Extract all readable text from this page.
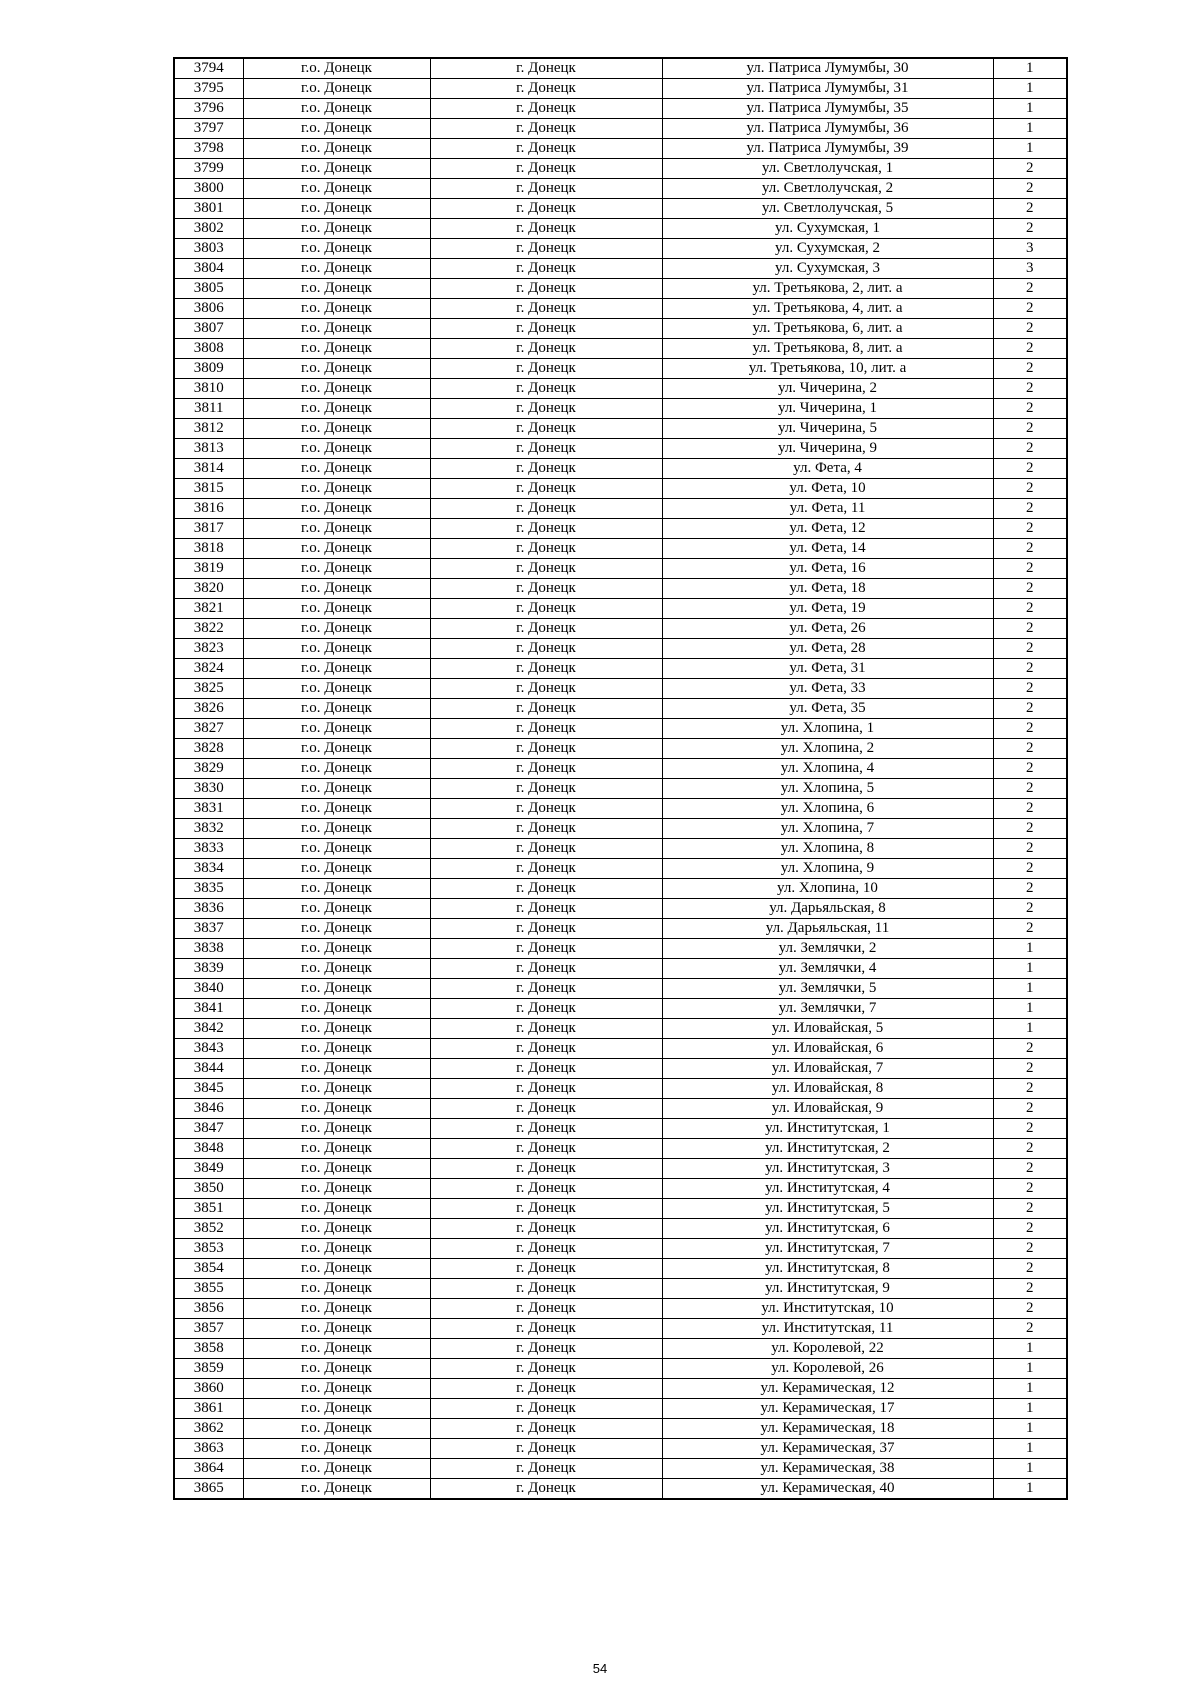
3794	г.о. Донецк	г. Донецк	ул. Патриса Лумумбы, 30	1
3795	г.о. Донецк	г. Донецк	ул. Патриса Лумумбы, 31	1
3796	г.о. Донецк	г. Донецк	ул. Патриса Лумумбы, 35	1
3797	г.о. Донецк	г. Донецк	ул. Патриса Лумумбы, 36	1
3798	г.о. Донецк	г. Донецк	ул. Патриса Лумумбы, 39	1
3799	г.о. Донецк	г. Донецк	ул. Светлолучская, 1	2
3800	г.о. Донецк	г. Донецк	ул. Светлолучская, 2	2
3801	г.о. Донецк	г. Донецк	ул. Светлолучская, 5	2
3802	г.о. Донецк	г. Донецк	ул. Сухумская, 1	2
3803	г.о. Донецк	г. Донецк	ул. Сухумская, 2	3
3804	г.о. Донецк	г. Донецк	ул. Сухумская, 3	3
3805	г.о. Донецк	г. Донецк	ул. Третьякова, 2, лит. а	2
3806	г.о. Донецк	г. Донецк	ул. Третьякова, 4, лит. а	2
3807	г.о. Донецк	г. Донецк	ул. Третьякова, 6, лит. а	2
3808	г.о. Донецк	г. Донецк	ул. Третьякова, 8, лит. а	2
3809	г.о. Донецк	г. Донецк	ул. Третьякова, 10, лит. а	2
3810	г.о. Донецк	г. Донецк	ул. Чичерина, 2	2
3811	г.о. Донецк	г. Донецк	ул. Чичерина, 1	2
3812	г.о. Донецк	г. Донецк	ул. Чичерина, 5	2
3813	г.о. Донецк	г. Донецк	ул. Чичерина, 9	2
3814	г.о. Донецк	г. Донецк	ул. Фета, 4	2
3815	г.о. Донецк	г. Донецк	ул. Фета, 10	2
3816	г.о. Донецк	г. Донецк	ул. Фета, 11	2
3817	г.о. Донецк	г. Донецк	ул. Фета, 12	2
3818	г.о. Донецк	г. Донецк	ул. Фета, 14	2
3819	г.о. Донецк	г. Донецк	ул. Фета, 16	2
3820	г.о. Донецк	г. Донецк	ул. Фета, 18	2
3821	г.о. Донецк	г. Донецк	ул. Фета, 19	2
3822	г.о. Донецк	г. Донецк	ул. Фета, 26	2
3823	г.о. Донецк	г. Донецк	ул. Фета, 28	2
3824	г.о. Донецк	г. Донецк	ул. Фета, 31	2
3825	г.о. Донецк	г. Донецк	ул. Фета, 33	2
3826	г.о. Донецк	г. Донецк	ул. Фета, 35	2
3827	г.о. Донецк	г. Донецк	ул. Хлопина, 1	2
3828	г.о. Донецк	г. Донецк	ул. Хлопина, 2	2
3829	г.о. Донецк	г. Донецк	ул. Хлопина, 4	2
3830	г.о. Донецк	г. Донецк	ул. Хлопина, 5	2
3831	г.о. Донецк	г. Донецк	ул. Хлопина, 6	2
3832	г.о. Донецк	г. Донецк	ул. Хлопина, 7	2
3833	г.о. Донецк	г. Донецк	ул. Хлопина, 8	2
3834	г.о. Донецк	г. Донецк	ул. Хлопина, 9	2
3835	г.о. Донецк	г. Донецк	ул. Хлопина, 10	2
3836	г.о. Донецк	г. Донецк	ул. Дарьяльская, 8	2
3837	г.о. Донецк	г. Донецк	ул. Дарьяльская, 11	2
3838	г.о. Донецк	г. Донецк	ул. Землячки, 2	1
3839	г.о. Донецк	г. Донецк	ул. Землячки, 4	1
3840	г.о. Донецк	г. Донецк	ул. Землячки, 5	1
3841	г.о. Донецк	г. Донецк	ул. Землячки, 7	1
3842	г.о. Донецк	г. Донецк	ул. Иловайская, 5	1
3843	г.о. Донецк	г. Донецк	ул. Иловайская, 6	2
3844	г.о. Донецк	г. Донецк	ул. Иловайская, 7	2
3845	г.о. Донецк	г. Донецк	ул. Иловайская, 8	2
3846	г.о. Донецк	г. Донецк	ул. Иловайская, 9	2
3847	г.о. Донецк	г. Донецк	ул. Институтская, 1	2
3848	г.о. Донецк	г. Донецк	ул. Институтская, 2	2
3849	г.о. Донецк	г. Донецк	ул. Институтская, 3	2
3850	г.о. Донецк	г. Донецк	ул. Институтская, 4	2
3851	г.о. Донецк	г. Донецк	ул. Институтская, 5	2
3852	г.о. Донецк	г. Донецк	ул. Институтская, 6	2
3853	г.о. Донецк	г. Донецк	ул. Институтская, 7	2
3854	г.о. Донецк	г. Донецк	ул. Институтская, 8	2
3855	г.о. Донецк	г. Донецк	ул. Институтская, 9	2
3856	г.о. Донецк	г. Донецк	ул. Институтская, 10	2
3857	г.о. Донецк	г. Донецк	ул. Институтская, 11	2
3858	г.о. Донецк	г. Донецк	ул. Королевой, 22	1
3859	г.о. Донецк	г. Донецк	ул. Королевой, 26	1
3860	г.о. Донецк	г. Донецк	ул. Керамическая, 12	1
3861	г.о. Донецк	г. Донецк	ул. Керамическая, 17	1
3862	г.о. Донецк	г. Донецк	ул. Керамическая, 18	1
3863	г.о. Донецк	г. Донецк	ул. Керамическая, 37	1
3864	г.о. Донецк	г. Донецк	ул. Керамическая, 38	1
3865	г.о. Донецк	г. Донецк	ул. Керамическая, 40	1
54
